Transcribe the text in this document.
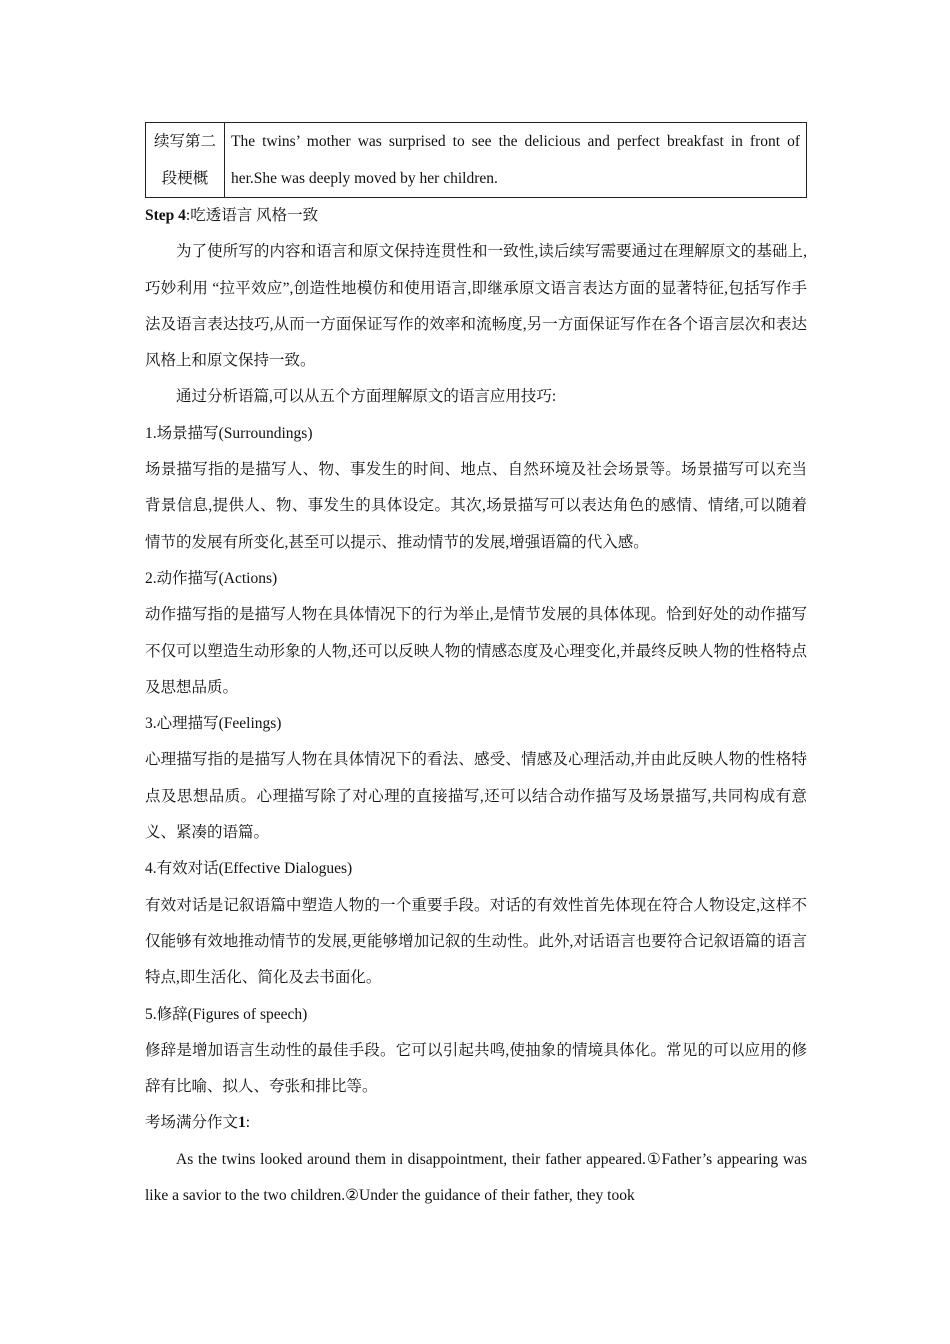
续写第二段梗概	The twins’ mother was surprised to see the delicious and perfect breakfast in front of her.She was deeply moved by her children.

Step 4:吃透语言 风格一致

为了使所写的内容和语言和原文保持连贯性和一致性,读后续写需要通过在理解原文的基础上,巧妙利用 “拉平效应”,创造性地模仿和使用语言,即继承原文语言表达方面的显著特征,包括写作手法及语言表达技巧,从而一方面保证写作的效率和流畅度,另一方面保证写作在各个语言层次和表达风格上和原文保持一致。

通过分析语篇,可以从五个方面理解原文的语言应用技巧:

1.场景描写(Surroundings)

场景描写指的是描写人、物、事发生的时间、地点、自然环境及社会场景等。场景描写可以充当背景信息,提供人、物、事发生的具体设定。其次,场景描写可以表达角色的感情、情绪,可以随着情节的发展有所变化,甚至可以提示、推动情节的发展,增强语篇的代入感。

2.动作描写(Actions)

动作描写指的是描写人物在具体情况下的行为举止,是情节发展的具体体现。恰到好处的动作描写不仅可以塑造生动形象的人物,还可以反映人物的情感态度及心理变化,并最终反映人物的性格特点及思想品质。

3.心理描写(Feelings)

心理描写指的是描写人物在具体情况下的看法、感受、情感及心理活动,并由此反映人物的性格特点及思想品质。心理描写除了对心理的直接描写,还可以结合动作描写及场景描写,共同构成有意义、紧凑的语篇。

4.有效对话(Effective Dialogues)

有效对话是记叙语篇中塑造人物的一个重要手段。对话的有效性首先体现在符合人物设定,这样不仅能够有效地推动情节的发展,更能够增加记叙的生动性。此外,对话语言也要符合记叙语篇的语言特点,即生活化、简化及去书面化。

5.修辞(Figures of speech)

修辞是增加语言生动性的最佳手段。它可以引起共鸣,使抽象的情境具体化。常见的可以应用的修辞有比喻、拟人、夸张和排比等。

考场满分作文1:

As the twins looked around them in disappointment, their father appeared.①Father’s appearing was like a savior to the two children.②Under the guidance of their father, they took
